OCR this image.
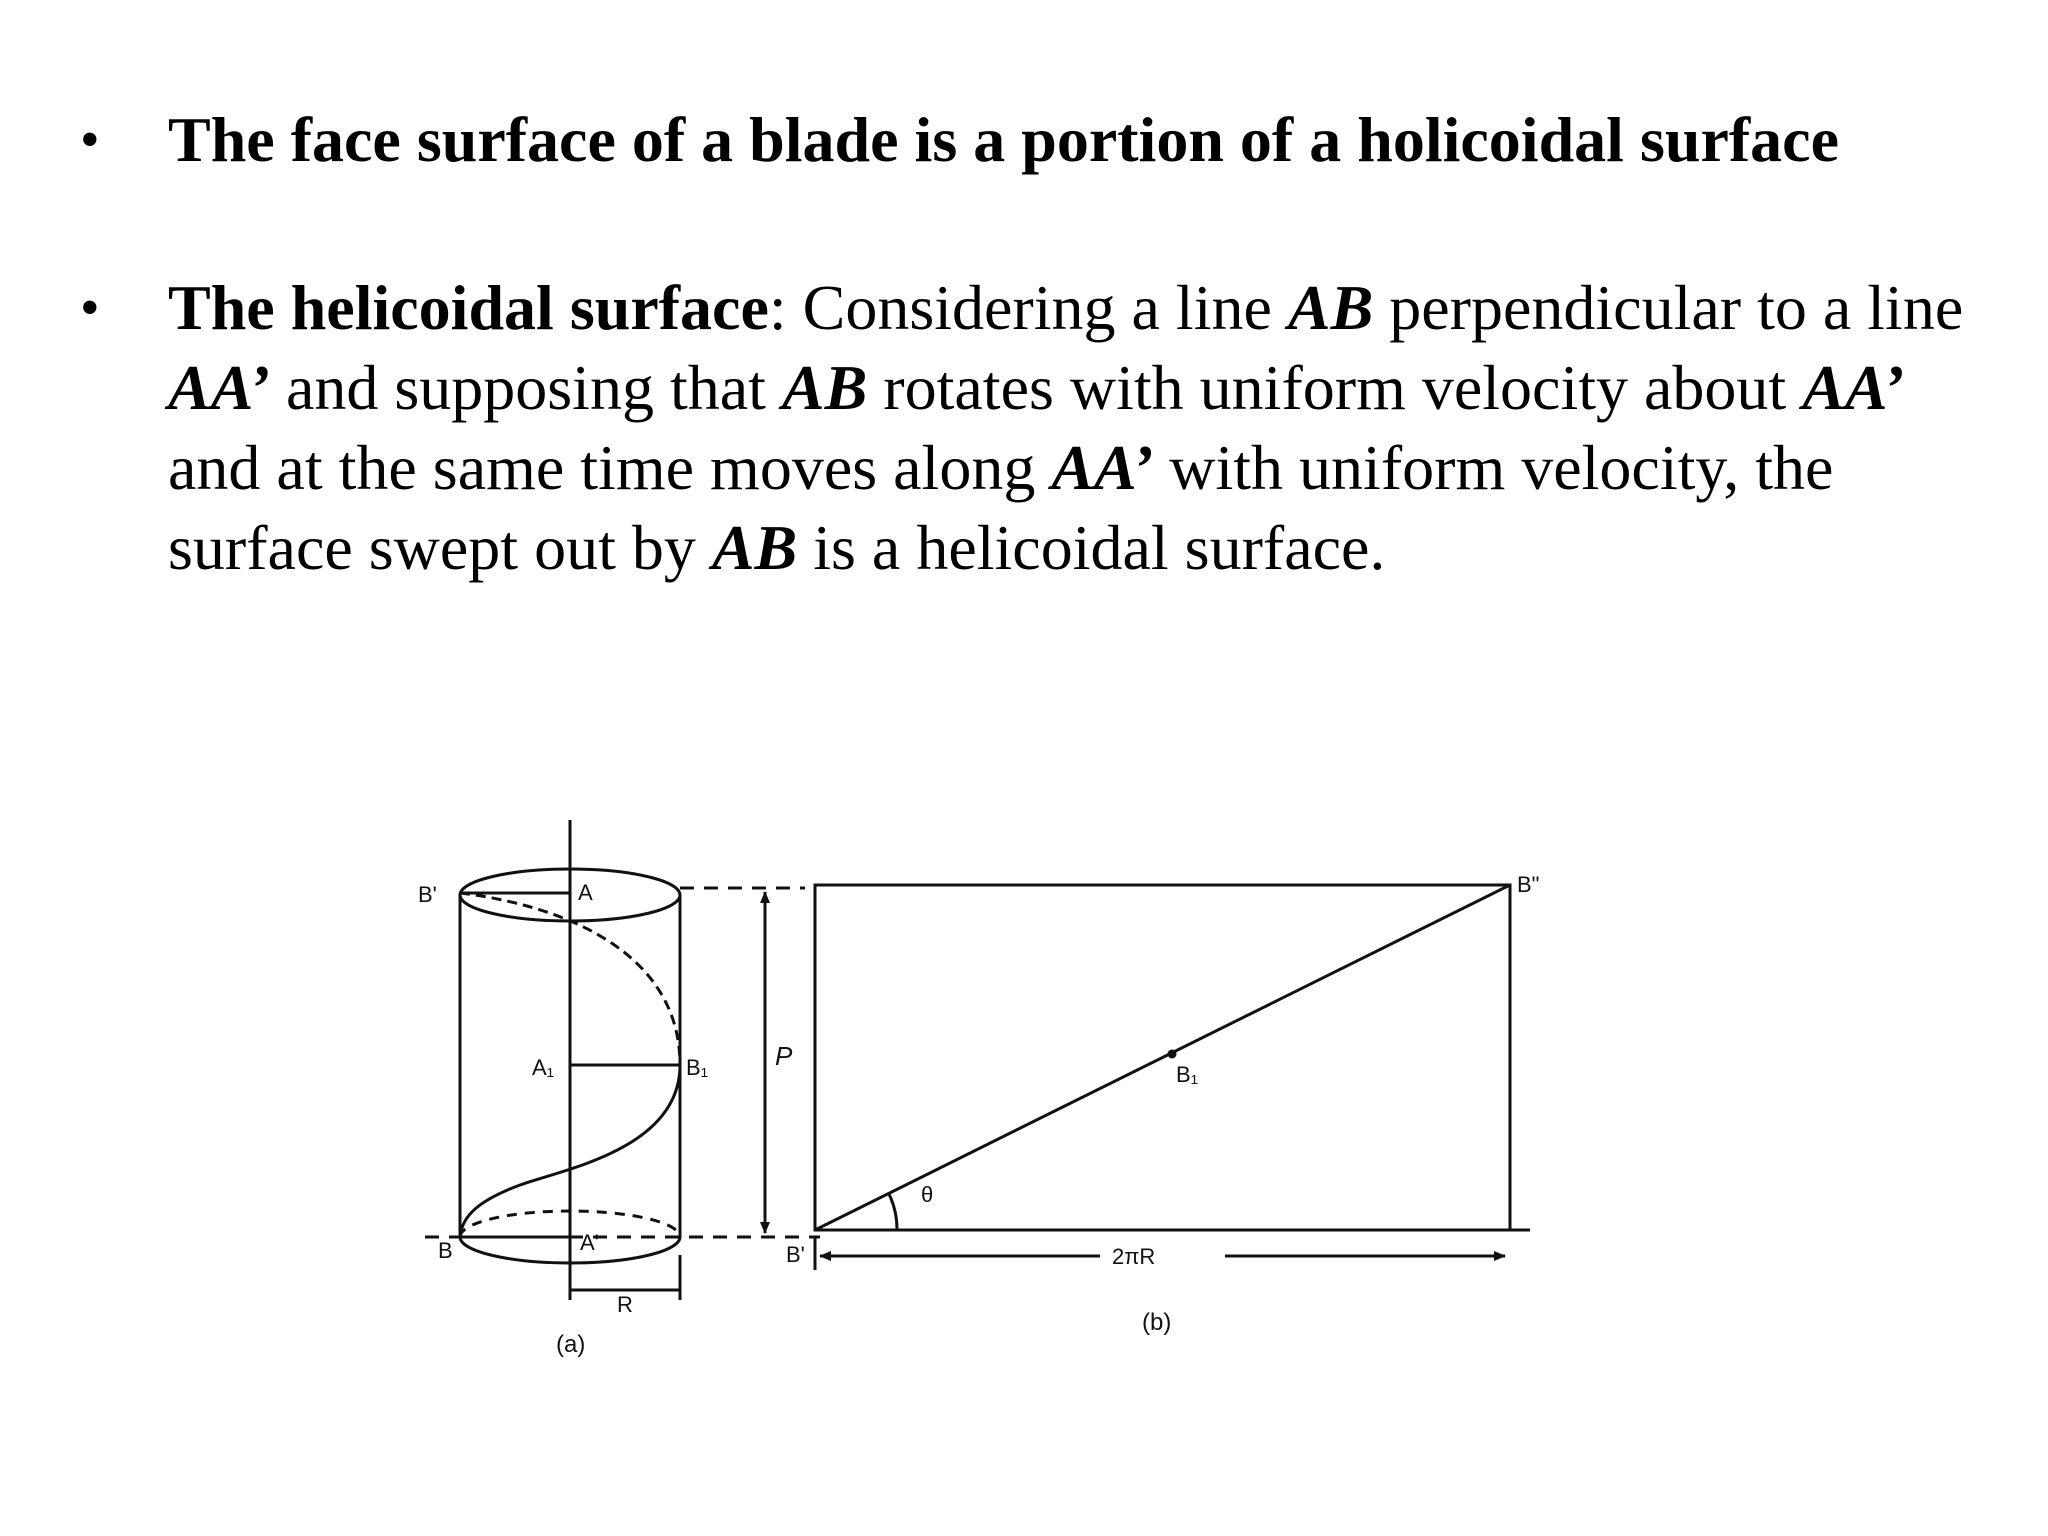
• The face surface of a blade is a portion of a holicoidal surface
• The helicoidal surface: Considering a line AB perpendicular to a line AA’ and supposing that AB rotates with uniform velocity about AA’ and at the same time moves along AA’ with uniform velocity, the surface swept out by AB is a helicoidal surface.
B'	A
A₁	B₁
B	A'
R
P
(a)
B'
B"
B₁
θ
2πR
(b)
